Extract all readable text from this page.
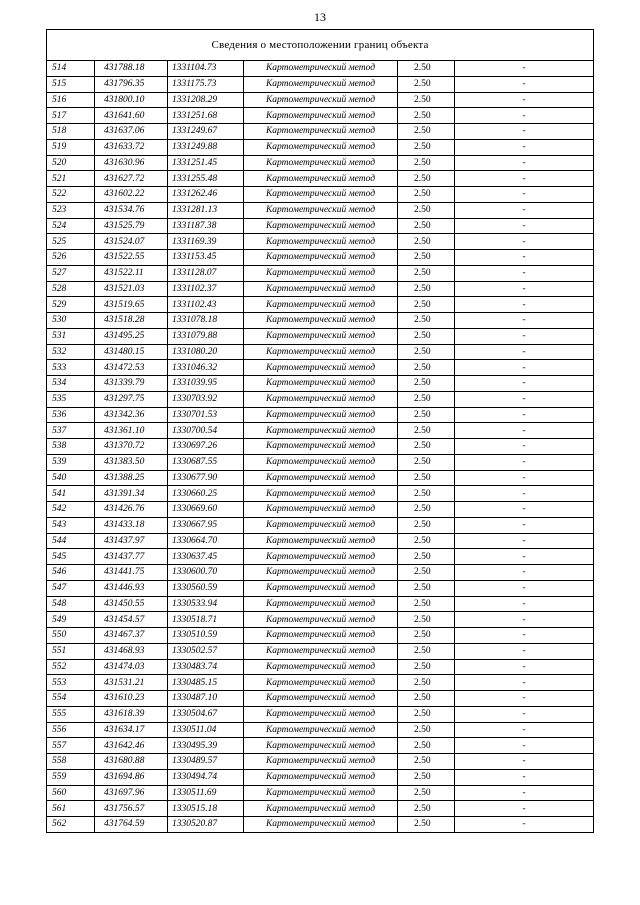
13
Сведения о местоположении границ объекта					
514	431788.18	1331104.73	Картометрический метод	2.50	-
515	431796.35	1331175.73	Картометрический метод	2.50	-
516	431800.10	1331208.29	Картометрический метод	2.50	-
517	431641.60	1331251.68	Картометрический метод	2.50	-
518	431637.06	1331249.67	Картометрический метод	2.50	-
519	431633.72	1331249.88	Картометрический метод	2.50	-
520	431630.96	1331251.45	Картометрический метод	2.50	-
521	431627.72	1331255.48	Картометрический метод	2.50	-
522	431602.22	1331262.46	Картометрический метод	2.50	-
523	431534.76	1331281.13	Картометрический метод	2.50	-
524	431525.79	1331187.38	Картометрический метод	2.50	-
525	431524.07	1331169.39	Картометрический метод	2.50	-
526	431522.55	1331153.45	Картометрический метод	2.50	-
527	431522.11	1331128.07	Картометрический метод	2.50	-
528	431521.03	1331102.37	Картометрический метод	2.50	-
529	431519.65	1331102.43	Картометрический метод	2.50	-
530	431518.28	1331078.18	Картометрический метод	2.50	-
531	431495.25	1331079.88	Картометрический метод	2.50	-
532	431480.15	1331080.20	Картометрический метод	2.50	-
533	431472.53	1331046.32	Картометрический метод	2.50	-
534	431339.79	1331039.95	Картометрический метод	2.50	-
535	431297.75	1330703.92	Картометрический метод	2.50	-
536	431342.36	1330701.53	Картометрический метод	2.50	-
537	431361.10	1330700.54	Картометрический метод	2.50	-
538	431370.72	1330697.26	Картометрический метод	2.50	-
539	431383.50	1330687.55	Картометрический метод	2.50	-
540	431388.25	1330677.90	Картометрический метод	2.50	-
541	431391.34	1330660.25	Картометрический метод	2.50	-
542	431426.76	1330669.60	Картометрический метод	2.50	-
543	431433.18	1330667.95	Картометрический метод	2.50	-
544	431437.97	1330664.70	Картометрический метод	2.50	-
545	431437.77	1330637.45	Картометрический метод	2.50	-
546	431441.75	1330600.70	Картометрический метод	2.50	-
547	431446.93	1330560.59	Картометрический метод	2.50	-
548	431450.55	1330533.94	Картометрический метод	2.50	-
549	431454.57	1330518.71	Картометрический метод	2.50	-
550	431467.37	1330510.59	Картометрический метод	2.50	-
551	431468.93	1330502.57	Картометрический метод	2.50	-
552	431474.03	1330483.74	Картометрический метод	2.50	-
553	431531.21	1330485.15	Картометрический метод	2.50	-
554	431610.23	1330487.10	Картометрический метод	2.50	-
555	431618.39	1330504.67	Картометрический метод	2.50	-
556	431634.17	1330511.04	Картометрический метод	2.50	-
557	431642.46	1330495.39	Картометрический метод	2.50	-
558	431680.88	1330489.57	Картометрический метод	2.50	-
559	431694.86	1330494.74	Картометрический метод	2.50	-
560	431697.96	1330511.69	Картометрический метод	2.50	-
561	431756.57	1330515.18	Картометрический метод	2.50	-
562	431764.59	1330520.87	Картометрический метод	2.50	-
